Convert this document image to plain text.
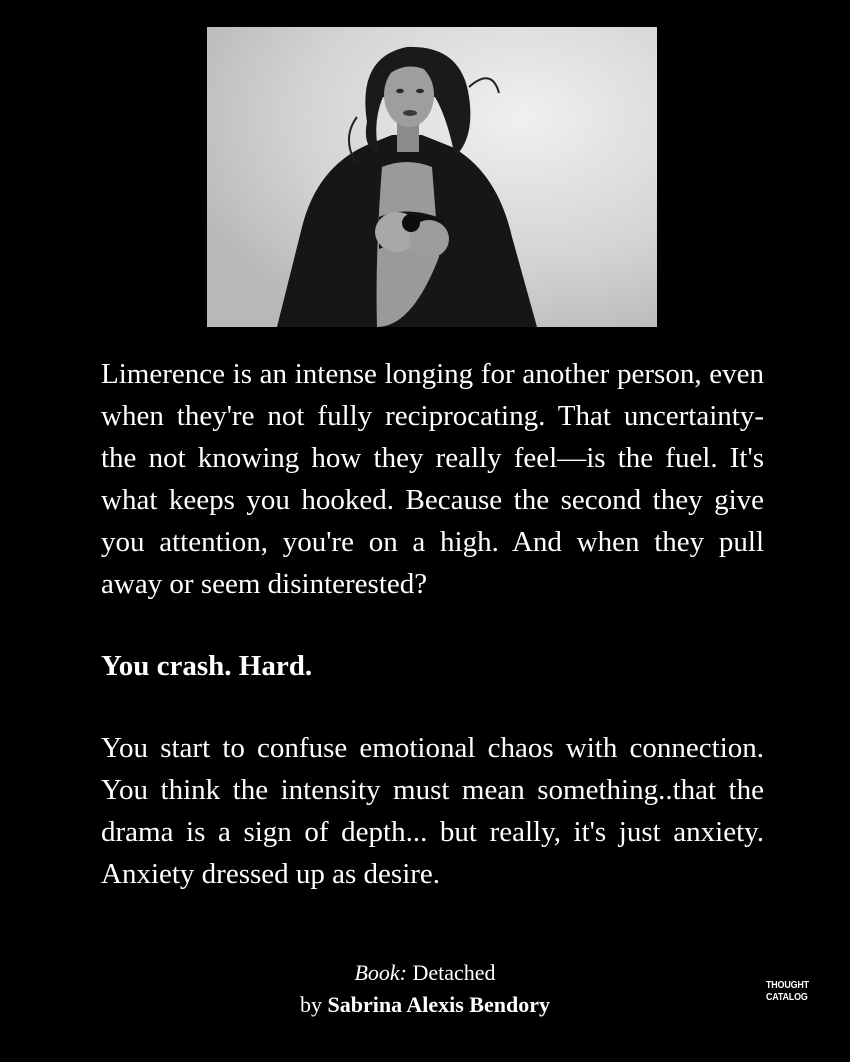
Limerence is an intense longing for another person, even when they're not fully reciprocating. That uncertainty-the not knowing how they really feel—is the fuel. It's what keeps you hooked. Because the second they give you attention, you're on a high. And when they pull away or seem disinterested?

You crash. Hard.

You start to confuse emotional chaos with connection. You think the intensity must mean something..that the drama is a sign of depth... but really, it's just anxiety. Anxiety dressed up as desire.

Book: Detached
by Sabrina Alexis Bendory
THOUGHT
CATALOG
